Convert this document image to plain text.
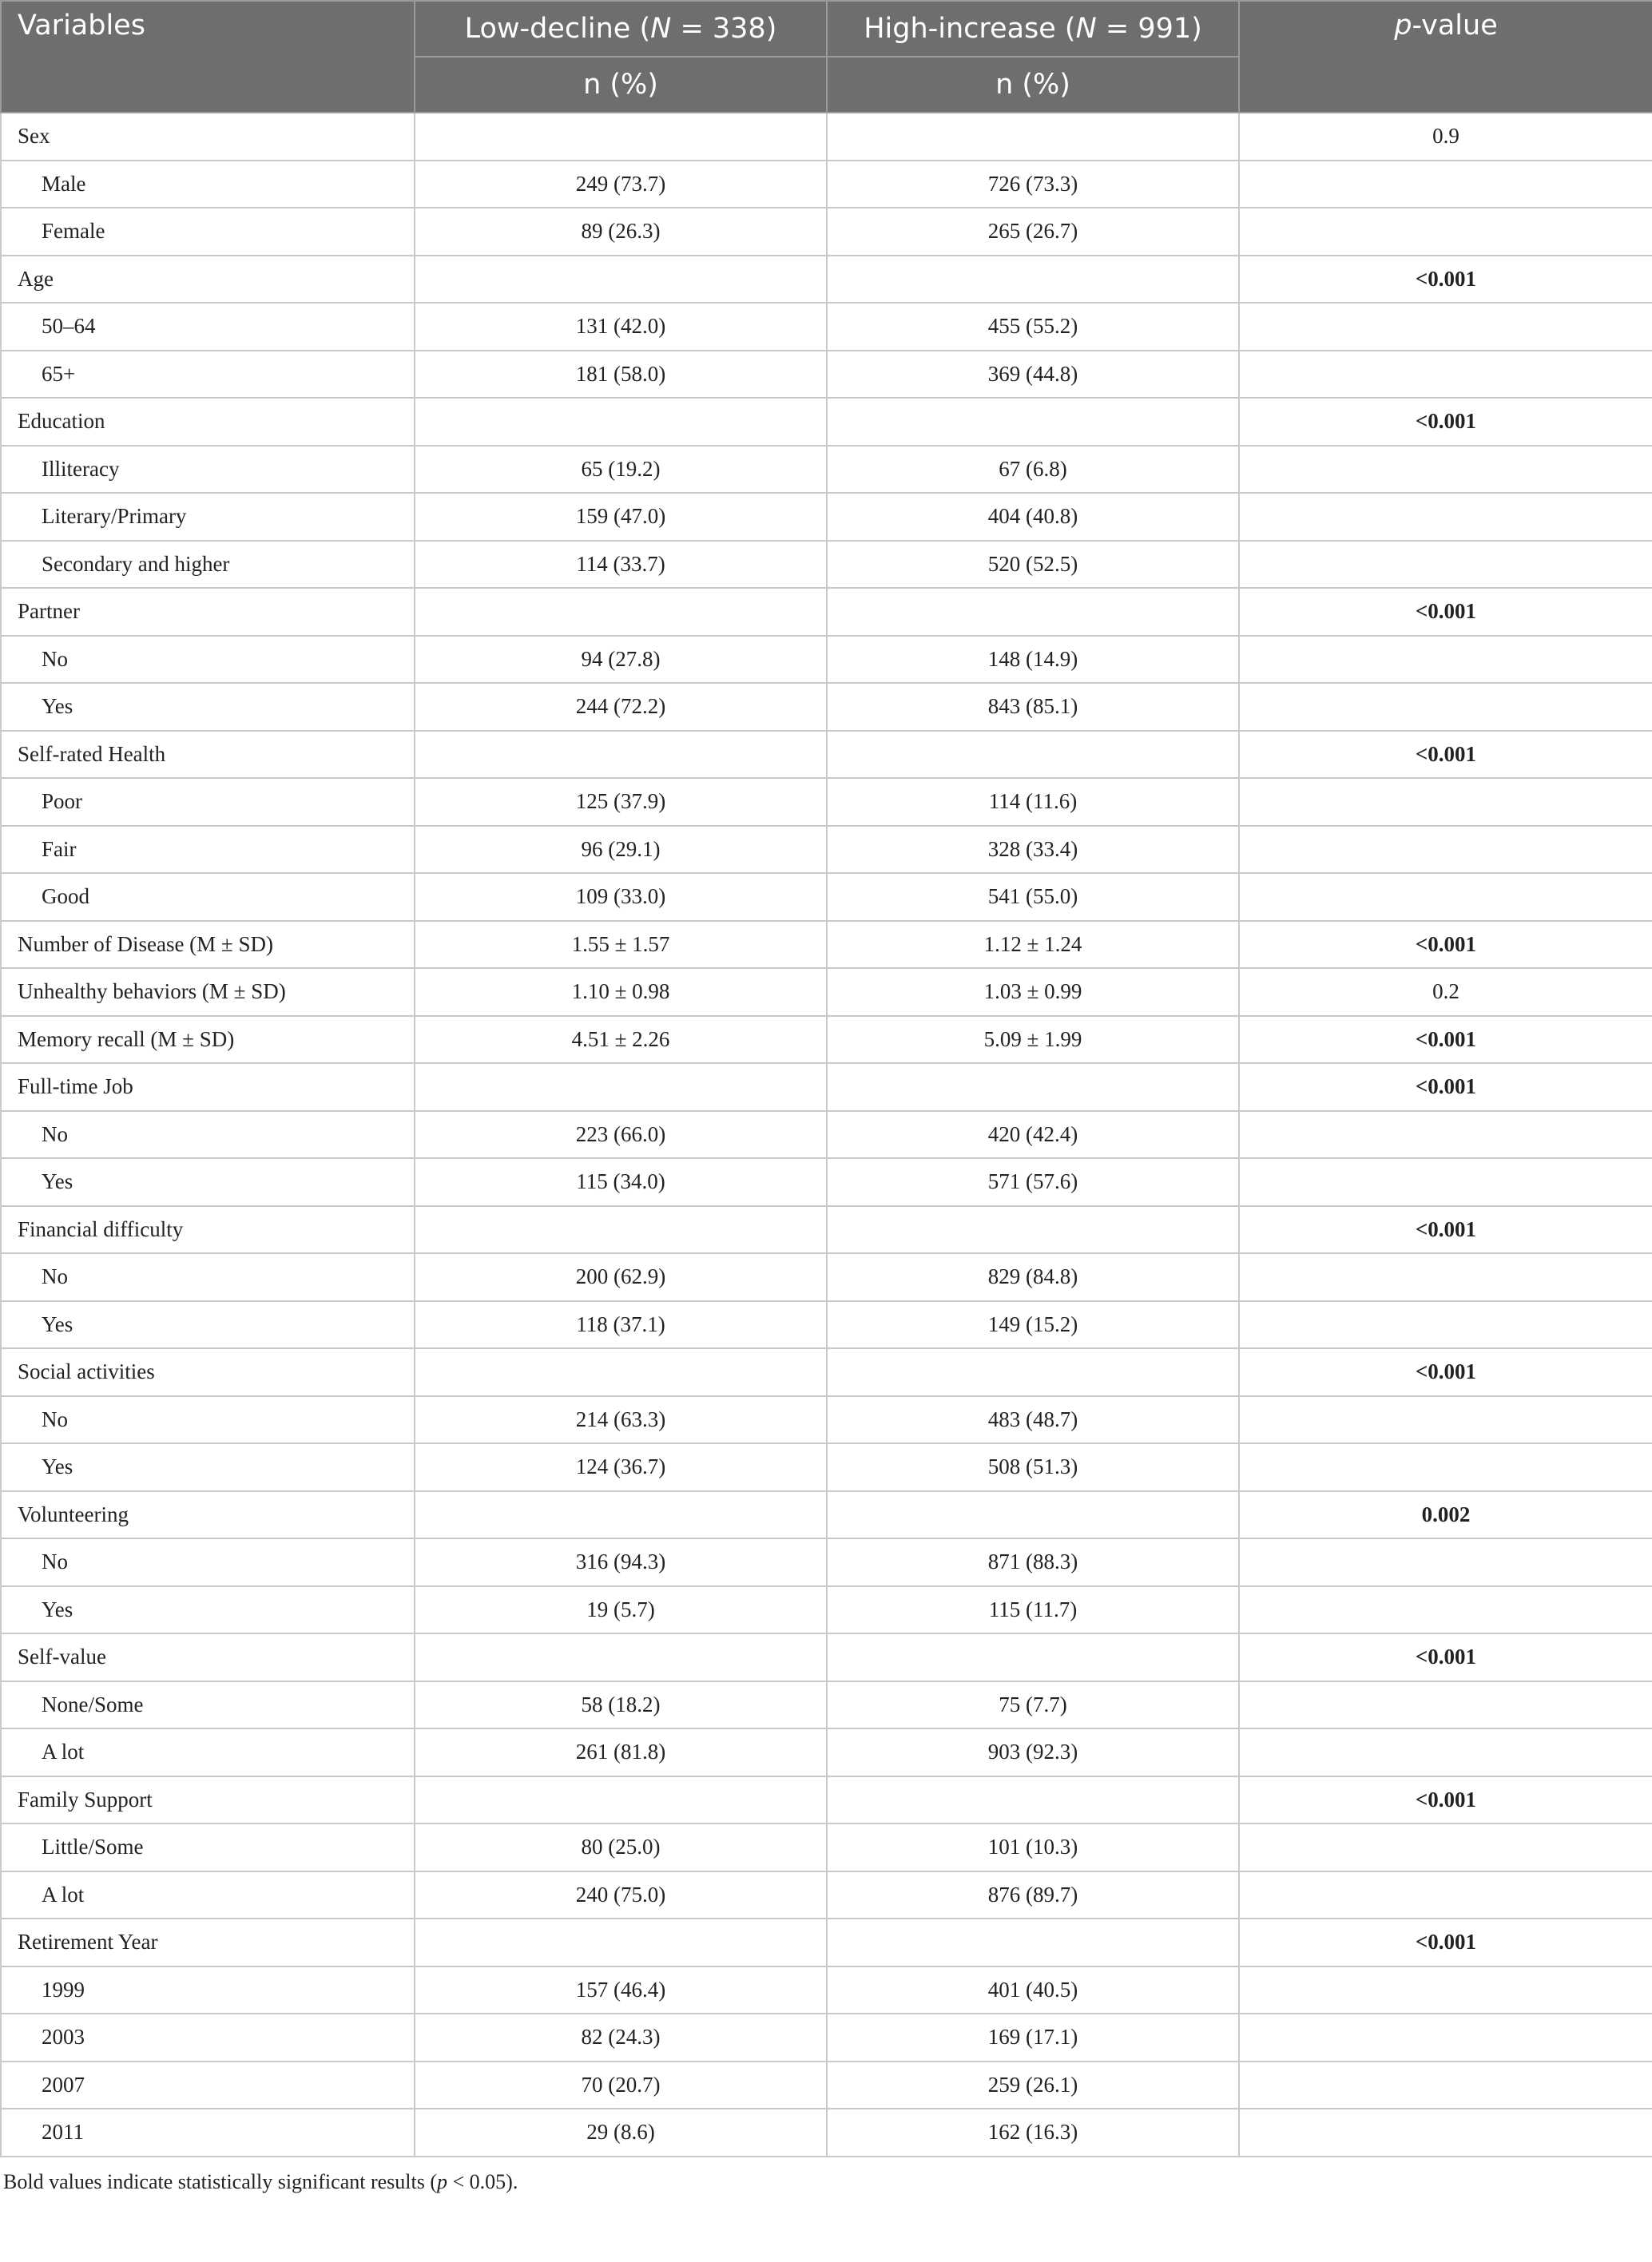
Variables	Low-decline (N = 338)	High-increase (N = 991)	p-value
	n (%)	n (%)	
Sex			0.9
Male	249 (73.7)	726 (73.3)	
Female	89 (26.3)	265 (26.7)	
Age			<0.001
50–64	131 (42.0)	455 (55.2)	
65+	181 (58.0)	369 (44.8)	
Education			<0.001
Illiteracy	65 (19.2)	67 (6.8)	
Literary/Primary	159 (47.0)	404 (40.8)	
Secondary and higher	114 (33.7)	520 (52.5)	
Partner			<0.001
No	94 (27.8)	148 (14.9)	
Yes	244 (72.2)	843 (85.1)	
Self-rated Health			<0.001
Poor	125 (37.9)	114 (11.6)	
Fair	96 (29.1)	328 (33.4)	
Good	109 (33.0)	541 (55.0)	
Number of Disease (M ± SD)	1.55 ± 1.57	1.12 ± 1.24	<0.001
Unhealthy behaviors (M ± SD)	1.10 ± 0.98	1.03 ± 0.99	0.2
Memory recall (M ± SD)	4.51 ± 2.26	5.09 ± 1.99	<0.001
Full-time Job			<0.001
No	223 (66.0)	420 (42.4)	
Yes	115 (34.0)	571 (57.6)	
Financial difficulty			<0.001
No	200 (62.9)	829 (84.8)	
Yes	118 (37.1)	149 (15.2)	
Social activities			<0.001
No	214 (63.3)	483 (48.7)	
Yes	124 (36.7)	508 (51.3)	
Volunteering			0.002
No	316 (94.3)	871 (88.3)	
Yes	19 (5.7)	115 (11.7)	
Self-value			<0.001
None/Some	58 (18.2)	75 (7.7)	
A lot	261 (81.8)	903 (92.3)	
Family Support			<0.001
Little/Some	80 (25.0)	101 (10.3)	
A lot	240 (75.0)	876 (89.7)	
Retirement Year			<0.001
1999	157 (46.4)	401 (40.5)	
2003	82 (24.3)	169 (17.1)	
2007	70 (20.7)	259 (26.1)	
2011	29 (8.6)	162 (16.3)	
Bold values indicate statistically significant results (p < 0.05).
